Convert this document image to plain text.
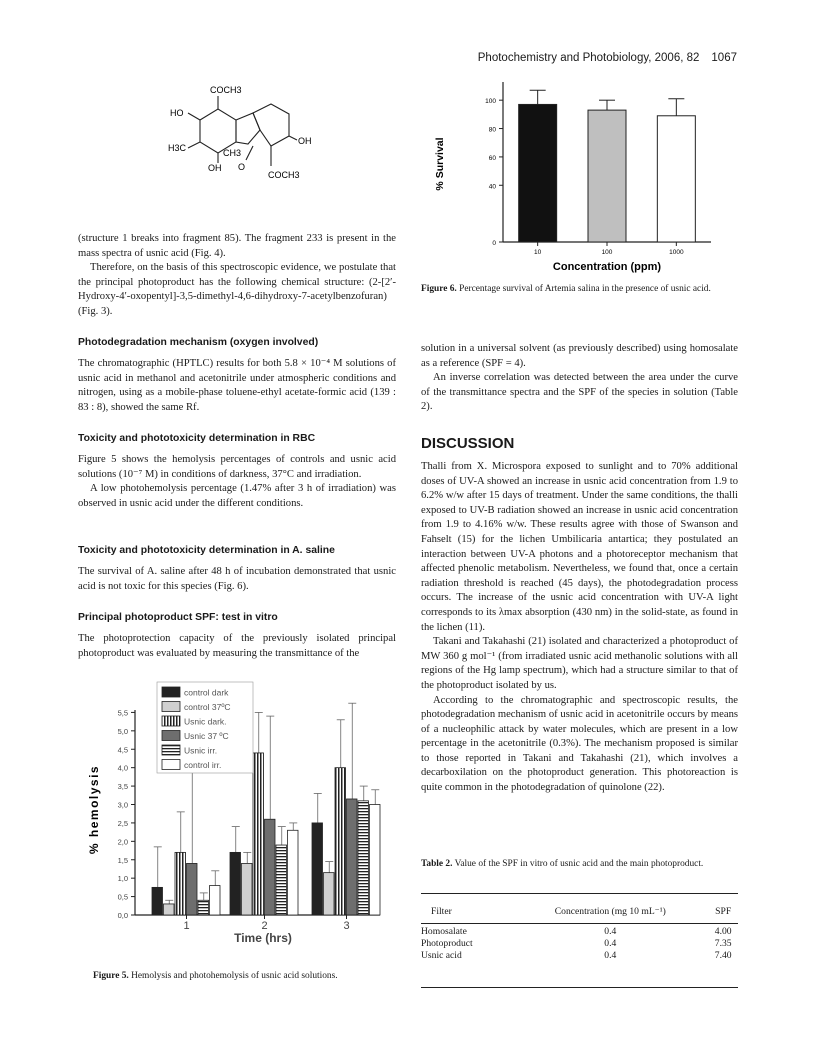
Photochemistry and Photobiology, 2006, 82 1067
COCH3
HO
H3C
OH
CH3
O
OH
COCH3

(structure 1 breaks into fragment 85). The fragment 233 is present in the mass spectra of usnic acid (Fig. 4).

Therefore, on the basis of this spectroscopic evidence, we postulate that the principal photoproduct has the following chemical structure: (2-[2′-Hydroxy-4′-oxopentyl]-3,5-dimethyl-4,6-dihydroxy-7-acetylbenzofuran) (Fig. 3).

Photodegradation mechanism (oxygen involved)
The chromatographic (HPTLC) results for both 5.8 × 10⁻⁴ M solutions of usnic acid in methanol and acetonitrile under atmospheric conditions and nitrogen, using as a mobile-phase toluene-ethyl acetate-formic acid (139 : 83 : 8), showed the same Rf.
Toxicity and phototoxicity determination in RBC

Figure 5 shows the hemolysis percentages of controls and usnic acid solutions (10⁻⁷ M) in conditions of darkness, 37°C and irradiation.

A low photohemolysis percentage (1.47% after 3 h of irradiation) was observed in usnic acid under the different conditions.

Toxicity and phototoxicity determination in A. saline
The survival of A. saline after 48 h of incubation demonstrated that usnic acid is not toxic for this species (Fig. 6).
Principal photoproduct SPF: test in vitro
The photoprotection capacity of the previously isolated principal photoproduct was evaluated by measuring the transmittance of the
0,0
0,5
1,0
1,5
2,0
2,5
3,0
3,5
4,0
4,5
5,0
5,5
% hemolysis
1	2	3
Time (hrs)
control dark
control 37ºC
Usnic dark.
Usnic 37 ºC
Usnic irr.
control irr.
Figure 5. Hemolysis and photohemolysis of usnic acid solutions.
0
40
60
80
100
% Survival
10	100	1000
Concentration (ppm)
Figure 6. Percentage survival of Artemia salina in the presence of usnic acid.

solution in a universal solvent (as previously described) using homosalate as a reference (SPF = 4).

An inverse correlation was detected between the area under the curve of the transmittance spectra and the SPF of the species in solution (Table 2).

DISCUSSION

Thalli from X. Microspora exposed to sunlight and to 70% additional doses of UV-A showed an increase in usnic acid concentration from 1.9 to 6.2% w/w after 15 days of treatment. Under the same conditions, the thalli exposed to UV-B radiation showed an increase in usnic acid concentration from 1.9 to 4.16% w/w. These results agree with those of Swanson and Fahselt (15) for the lichen Umbilicaria antartica; they postulated an interaction between UV-A photons and a photoreceptor mechanism that affected phenolic metabolism. Nevertheless, we found that, once a certain radiation threshold is reached (45 days), the photodegradation process occurs. The increase of the usnic acid concentration with UV-A light corresponds to its λmax absorption (430 nm) in the solid-state, as found in the lichen (11).

Takani and Takahashi (21) isolated and characterized a photoproduct of MW 360 g mol⁻¹ (from irradiated usnic acid methanolic solutions with all regions of the Hg lamp spectrum), which had a structure similar to that of the photoproduct isolated by us.

According to the chromatographic and spectroscopic results, the photodegradation mechanism of usnic acid in acetonitrile occurs by means of a nucleophilic attack by water molecules, which are present in a low percentage in the acetonitrile (0.3%). The mechanism proposed is similar to those reported in Takani and Takahashi (21), which involves a decarboxilation on the photoproduct generation. This photoreaction is quite common in the photodegradation of quinolone (22).

Table 2. Value of the SPF in vitro of usnic acid and the main photoproduct.
Filter	Concentration (mg 10 mL⁻¹)	SPF
Homosalate	0.4	4.00
Photoproduct	0.4	7.35
Usnic acid	0.4	7.40
